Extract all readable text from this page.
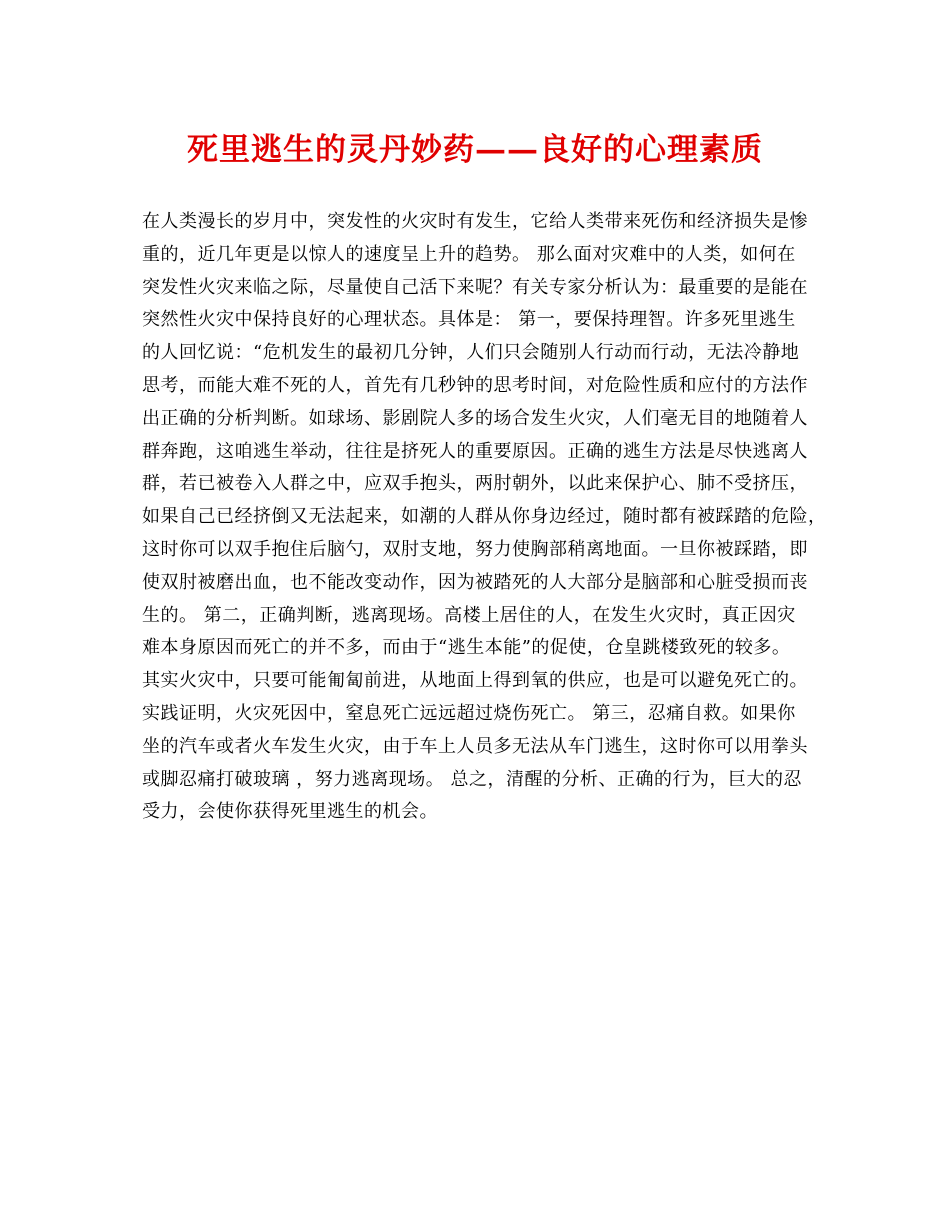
死里逃生的灵丹妙药——良好的心理素质
在人类漫长的岁月中，突发性的火灾时有发生，它给人类带来死伤和经济损失是惨
重的，近几年更是以惊人的速度呈上升的趋势。 那么面对灾难中的人类，如何在
突发性火灾来临之际，尽量使自己活下来呢？有关专家分析认为：最重要的是能在
突然性火灾中保持良好的心理状态。具体是： 第一，要保持理智。许多死里逃生
的人回忆说：“危机发生的最初几分钟，人们只会随别人行动而行动，无法冷静地
思考，而能大难不死的人，首先有几秒钟的思考时间，对危险性质和应付的方法作
出正确的分析判断。如球场、影剧院人多的场合发生火灾，人们毫无目的地随着人
群奔跑，这咱逃生举动，往往是挤死人的重要原因。正确的逃生方法是尽快逃离人
群，若已被卷入人群之中，应双手抱头，两肘朝外，以此来保护心、肺不受挤压，
如果自己已经挤倒又无法起来，如潮的人群从你身边经过，随时都有被踩踏的危险，
这时你可以双手抱住后脑勺，双肘支地，努力使胸部稍离地面。一旦你被踩踏，即
使双肘被磨出血，也不能改变动作，因为被踏死的人大部分是脑部和心脏受损而丧
生的。 第二，正确判断，逃离现场。高楼上居住的人，在发生火灾时，真正因灾
难本身原因而死亡的并不多，而由于“逃生本能”的促使，仓皇跳楼致死的较多。
其实火灾中，只要可能匍匐前进，从地面上得到氧的供应，也是可以避免死亡的。
实践证明，火灾死因中，窒息死亡远远超过烧伤死亡。 第三，忍痛自救。如果你
坐的汽车或者火车发生火灾，由于车上人员多无法从车门逃生，这时你可以用拳头
或脚忍痛打破玻璃 ，努力逃离现场。 总之，清醒的分析、正确的行为，巨大的忍
受力，会使你获得死里逃生的机会。
